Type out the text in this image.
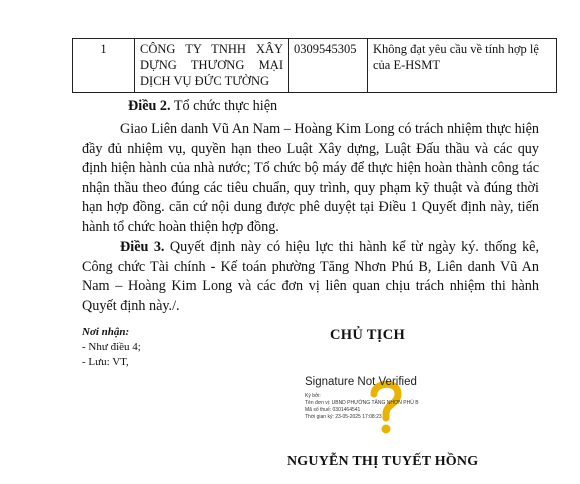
1	CÔNG TY TNHH XÂY DỰNG THƯƠNG MẠI DỊCH VỤ ĐỨC TƯỜNG	0309545305	Không đạt yêu cầu về tính hợp lệ của E-HSMT
Điều 2. Tổ chức thực hiện

Giao Liên danh Vũ An Nam – Hoàng Kim Long có trách nhiệm thực hiện đầy đủ nhiệm vụ, quyền hạn theo Luật Xây dựng, Luật Đấu thầu và các quy định hiện hành của nhà nước; Tổ chức bộ máy để thực hiện hoàn thành công tác nhận thầu theo đúng các tiêu chuẩn, quy trình, quy phạm kỹ thuật và đúng thời hạn hợp đồng. căn cứ nội dung được phê duyệt tại Điều 1 Quyết định này, tiến hành tổ chức hoàn thiện hợp đồng.

Điều 3. Quyết định này có hiệu lực thi hành kể từ ngày ký. thống kê, Công chức Tài chính - Kế toán phường Tăng Nhơn Phú B, Liên danh Vũ An Nam – Hoàng Kim Long và các đơn vị liên quan chịu trách nhiệm thi hành Quyết định này./.

Nơi nhận:
- Như điều 4;
- Lưu: VT,
CHỦ TỊCH
Signature Not Verified
Ký bởi:
Tên đơn vị: UBND PHƯỜNG TĂNG NHƠN PHÚ B
Mã số thuế: 0301464541
Thời gian ký: 23-05-2025 17:08:23
NGUYỄN THỊ TUYẾT HỒNG
